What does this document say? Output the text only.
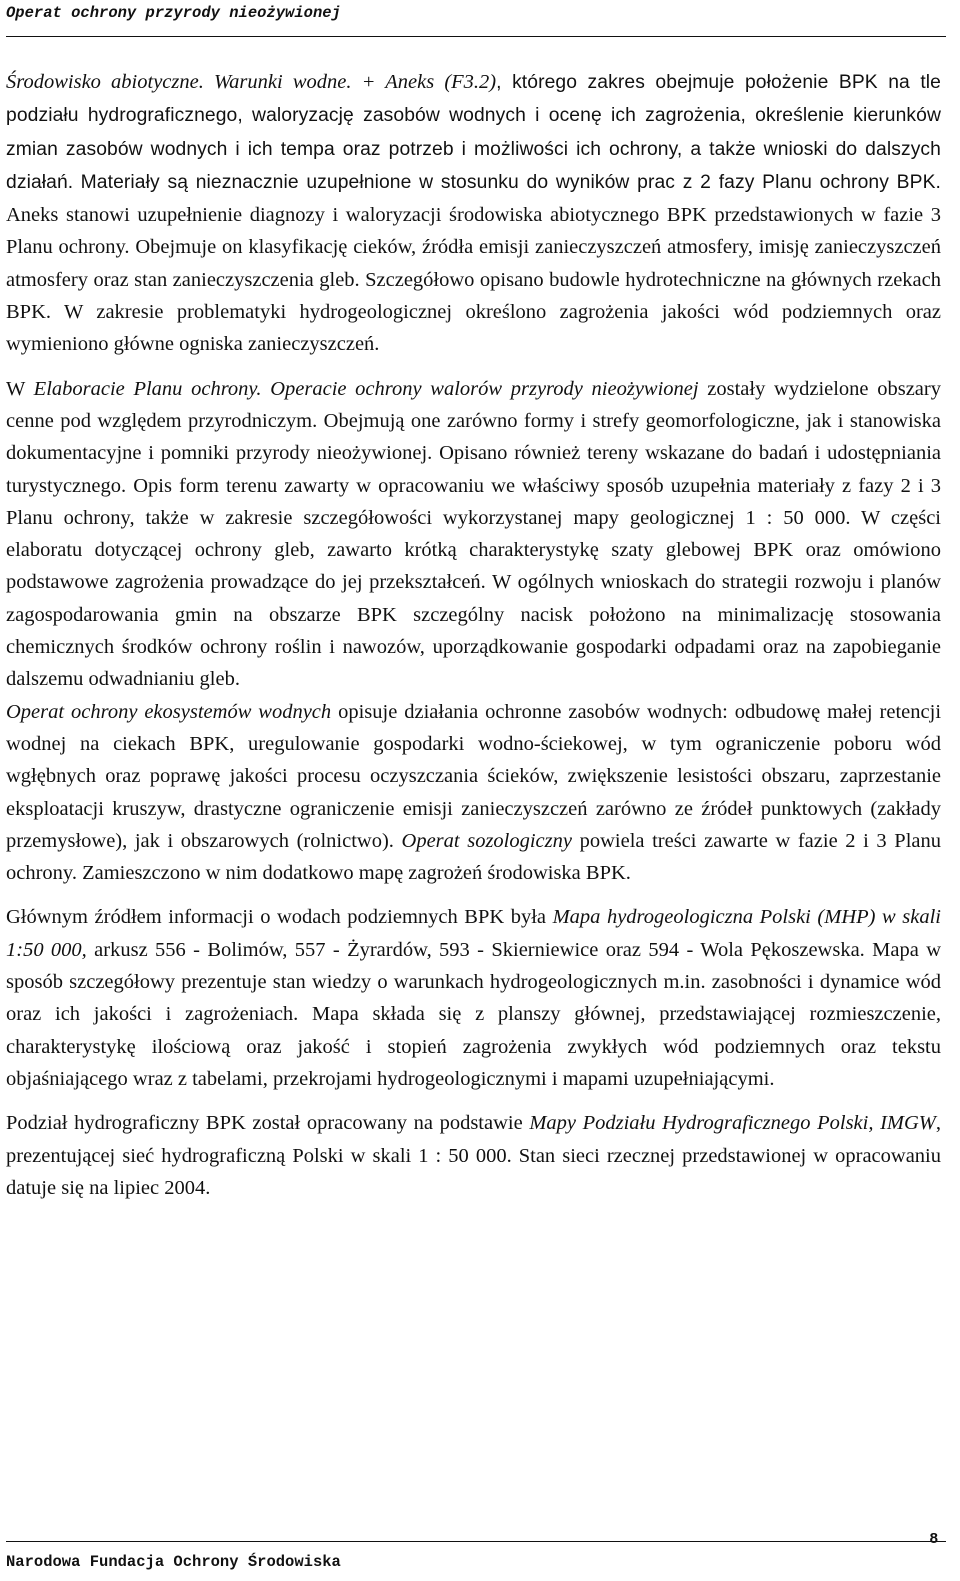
Operat ochrony przyrody nieożywionej

Środowisko abiotyczne. Warunki wodne. + Aneks (F3.2), którego zakres obejmuje położenie BPK na tle podziału hydrograficznego, waloryzację zasobów wodnych i ocenę ich zagrożenia, określenie kierunków zmian zasobów wodnych i ich tempa oraz potrzeb i możliwości ich ochrony, a także wnioski do dalszych działań. Materiały są nieznacznie uzupełnione w stosunku do wyników prac z 2 fazy Planu ochrony BPK. Aneks stanowi uzupełnienie diagnozy i waloryzacji środowiska abiotycznego BPK przedstawionych w fazie 3 Planu ochrony. Obejmuje on klasyfikację cieków, źródła emisji zanieczyszczeń atmosfery, imisję zanieczyszczeń atmosfery oraz stan zanieczyszczenia gleb. Szczegółowo opisano budowle hydrotechniczne na głównych rzekach BPK. W zakresie problematyki hydrogeologicznej określono zagrożenia jakości wód podziemnych oraz wymieniono główne ogniska zanieczyszczeń.

W Elaboracie Planu ochrony. Operacie ochrony walorów przyrody nieożywionej zostały wydzielone obszary cenne pod względem przyrodniczym. Obejmują one zarówno formy i strefy geomorfologiczne, jak i stanowiska dokumentacyjne i pomniki przyrody nieożywionej. Opisano również tereny wskazane do badań i udostępniania turystycznego. Opis form terenu zawarty w opracowaniu we właściwy sposób uzupełnia materiały z fazy 2 i 3 Planu ochrony, także w zakresie szczegółowości wykorzystanej mapy geologicznej 1 : 50 000. W części elaboratu dotyczącej ochrony gleb, zawarto krótką charakterystykę szaty glebowej BPK oraz omówiono podstawowe zagrożenia prowadzące do jej przekształceń. W ogólnych wnioskach do strategii rozwoju i planów zagospodarowania gmin na obszarze BPK szczególny nacisk położono na minimalizację stosowania chemicznych środków ochrony roślin i nawozów, uporządkowanie gospodarki odpadami oraz na zapobieganie dalszemu odwadnianiu gleb.

Operat ochrony ekosystemów wodnych opisuje działania ochronne zasobów wodnych: odbudowę małej retencji wodnej na ciekach BPK, uregulowanie gospodarki wodno-ściekowej, w tym ograniczenie poboru wód wgłębnych oraz poprawę jakości procesu oczyszczania ścieków, zwiększenie lesistości obszaru, zaprzestanie eksploatacji kruszyw, drastyczne ograniczenie emisji zanieczyszczeń zarówno ze źródeł punktowych (zakłady przemysłowe), jak i obszarowych (rolnictwo). Operat sozologiczny powiela treści zawarte w fazie 2 i 3 Planu ochrony. Zamieszczono w nim dodatkowo mapę zagrożeń środowiska BPK.

Głównym źródłem informacji o wodach podziemnych BPK była Mapa hydrogeologiczna Polski (MHP) w skali 1:50 000, arkusz 556 - Bolimów, 557 - Żyrardów, 593 - Skierniewice oraz 594 - Wola Pękoszewska. Mapa w sposób szczegółowy prezentuje stan wiedzy o warunkach hydrogeologicznych m.in. zasobności i dynamice wód oraz ich jakości i zagrożeniach. Mapa składa się z planszy głównej, przedstawiającej rozmieszczenie, charakterystykę ilościową oraz jakość i stopień zagrożenia zwykłych wód podziemnych oraz tekstu objaśniającego wraz z tabelami, przekrojami hydrogeologicznymi i mapami uzupełniającymi.

Podział hydrograficzny BPK został opracowany na podstawie Mapy Podziału Hydrograficznego Polski, IMGW, prezentującej sieć hydrograficzną Polski w skali 1 : 50 000. Stan sieci rzecznej przedstawionej w opracowaniu datuje się na lipiec 2004.

8
Narodowa Fundacja Ochrony Środowiska
